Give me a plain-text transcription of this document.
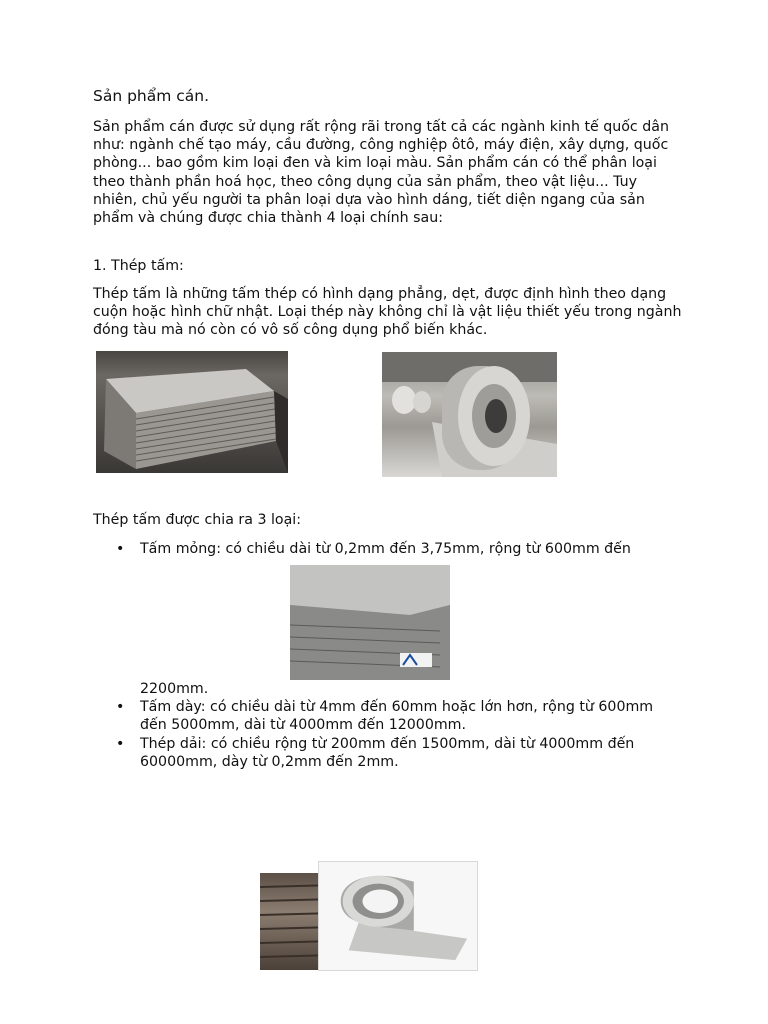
Sản phẩm cán.

Sản phẩm cán được sử dụng rất rộng rãi trong tất cả các ngành kinh tế quốc dân như: ngành chế tạo máy, cầu đường, công nghiệp ôtô, máy điện, xây dựng, quốc phòng... bao gồm kim loại đen và kim loại màu. Sản phẩm cán có thể phân loại theo thành phần hoá học, theo công dụng của sản phẩm, theo vật liệu... Tuy nhiên, chủ yếu người ta phân loại dựa vào hình dáng, tiết diện ngang của sản phẩm và chúng được chia thành 4 loại chính sau:

1. Thép tấm:

Thép tấm là những tấm thép có hình dạng phẳng, dẹt, được định hình theo dạng cuộn hoặc hình chữ nhật. Loại thép này không chỉ là vật liệu thiết yếu trong ngành đóng tàu mà nó còn có vô số công dụng phổ biến khác.

Thép tấm được chia ra 3 loại:

• Tấm mỏng: có chiều dài từ 0,2mm đến 3,75mm, rộng từ 600mm đến
2200mm.
• Tấm dày: có chiều dài từ 4mm đến 60mm hoặc lớn hơn, rộng từ 600mm đến 5000mm, dài từ 4000mm đến 12000mm.
• Thép dải: có chiều rộng từ 200mm đến 1500mm, dài từ 4000mm đến 60000mm, dày từ 0,2mm đến 2mm.
